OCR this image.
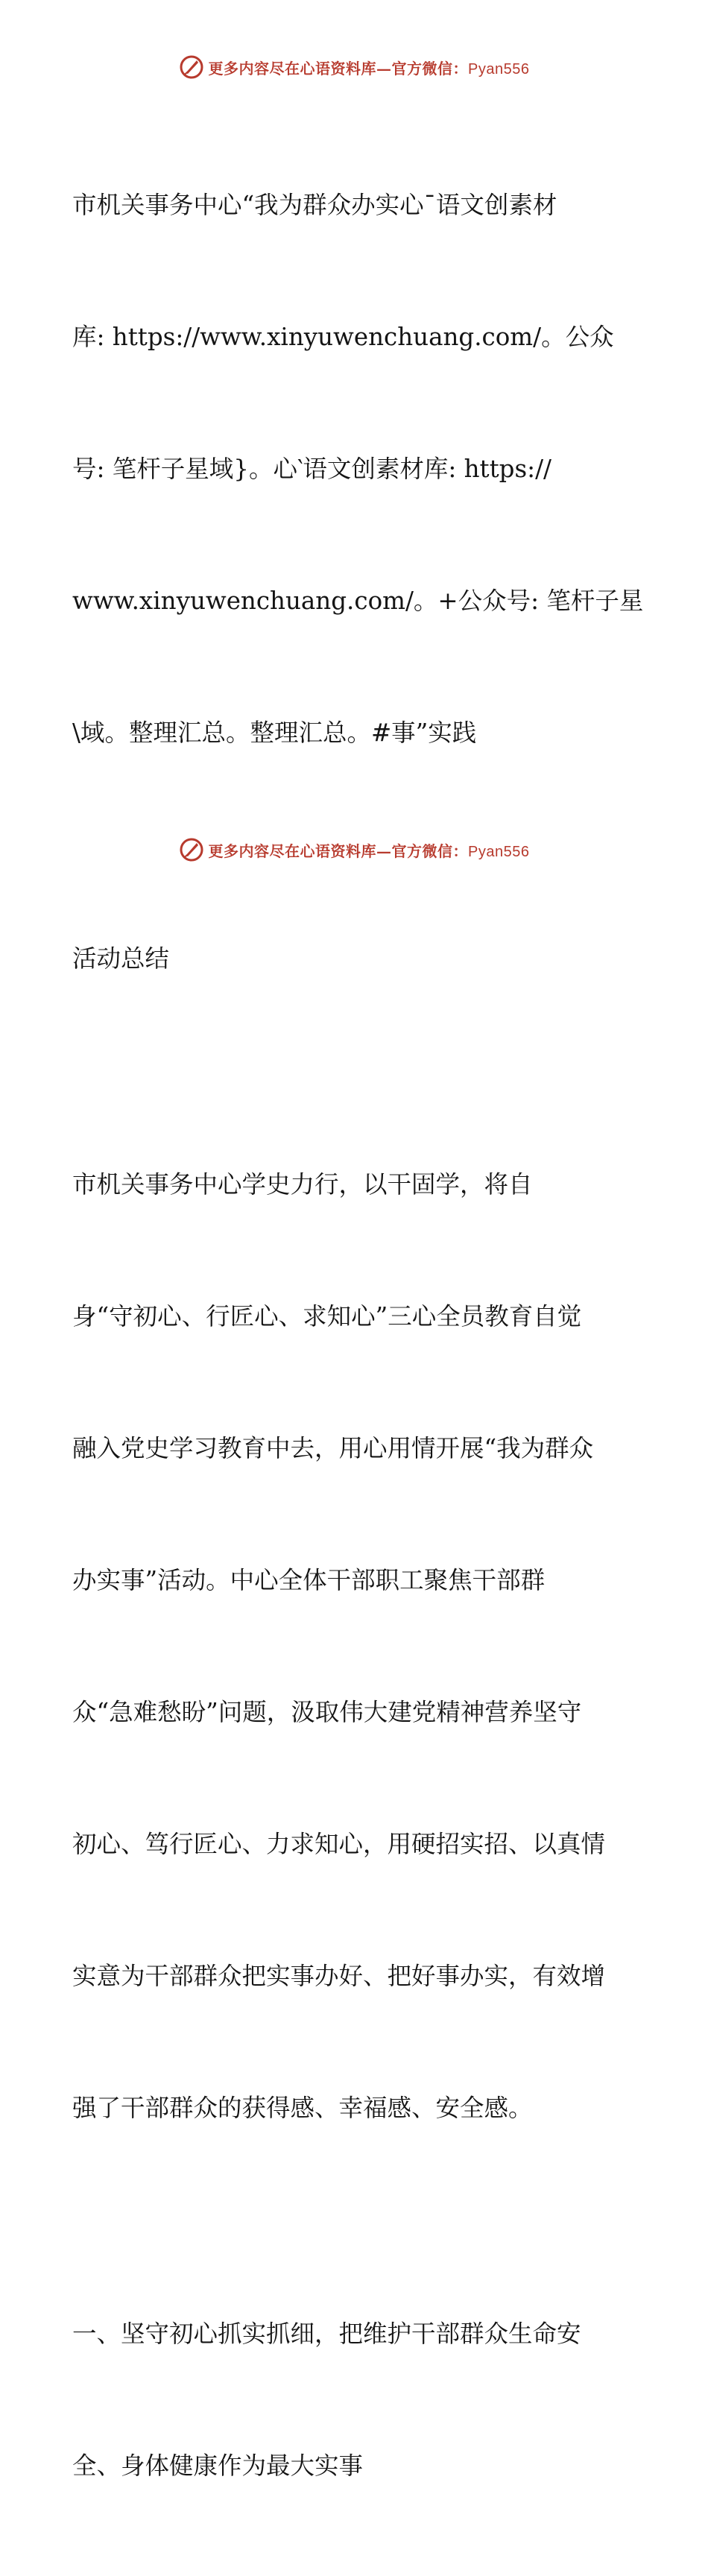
更多内容尽在心语资料库—官方微信：Pyan556

市机关事务中心“我为群众办实心¯语文创素材

库: https://www.xinyuwenchuang.com/。公众

号: 笔杆子星域}。心‵语文创素材库: https://

www.xinyuwenchuang.com/。+公众号: 笔杆子星

\域。整理汇总。整理汇总。#事”实践

活动总结

市机关事务中心学史力行，以干固学，将自

身“守初心、行匠心、求知心”三心全员教育自觉

融入党史学习教育中去，用心用情开展“我为群众

办实事”活动。中心全体干部职工聚焦干部群

众“急难愁盼”问题，汲取伟大建党精神营养坚守

初心、笃行匠心、力求知心，用硬招实招、以真情

实意为干部群众把实事办好、把好事办实，有效增

强了干部群众的获得感、幸福感、安全感。

一、坚守初心抓实抓细，把维护干部群众生命安

全、身体健康作为最大实事

更多内容尽在心语资料库—官方微信：Pyan556
